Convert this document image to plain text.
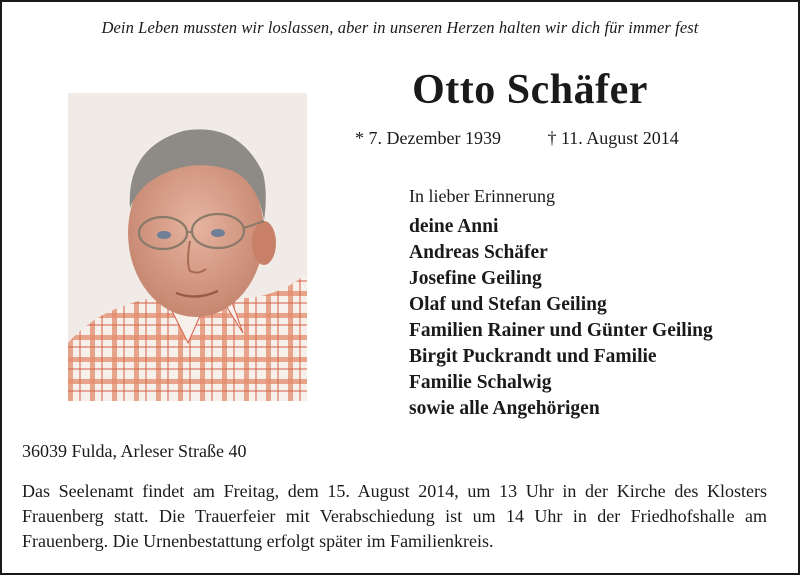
Dein Leben mussten wir loslassen, aber in unseren Herzen halten wir dich für immer fest
Otto Schäfer
* 7. Dezember 1939	† 11. August 2014
In lieber Erinnerung
deine Anni
Andreas Schäfer
Josefine Geiling
Olaf und Stefan Geiling
Familien Rainer und Günter Geiling
Birgit Puckrandt und Familie
Familie Schalwig
sowie alle Angehörigen
36039 Fulda, Arleser Straße 40

Das Seelenamt findet am Freitag, dem 15. August 2014, um 13 Uhr in der Kirche des Klosters Frauenberg statt. Die Trauerfeier mit Verabschiedung ist um 14 Uhr in der Friedhofshalle am Frauenberg. Die Urnenbestattung erfolgt später im Familienkreis.
